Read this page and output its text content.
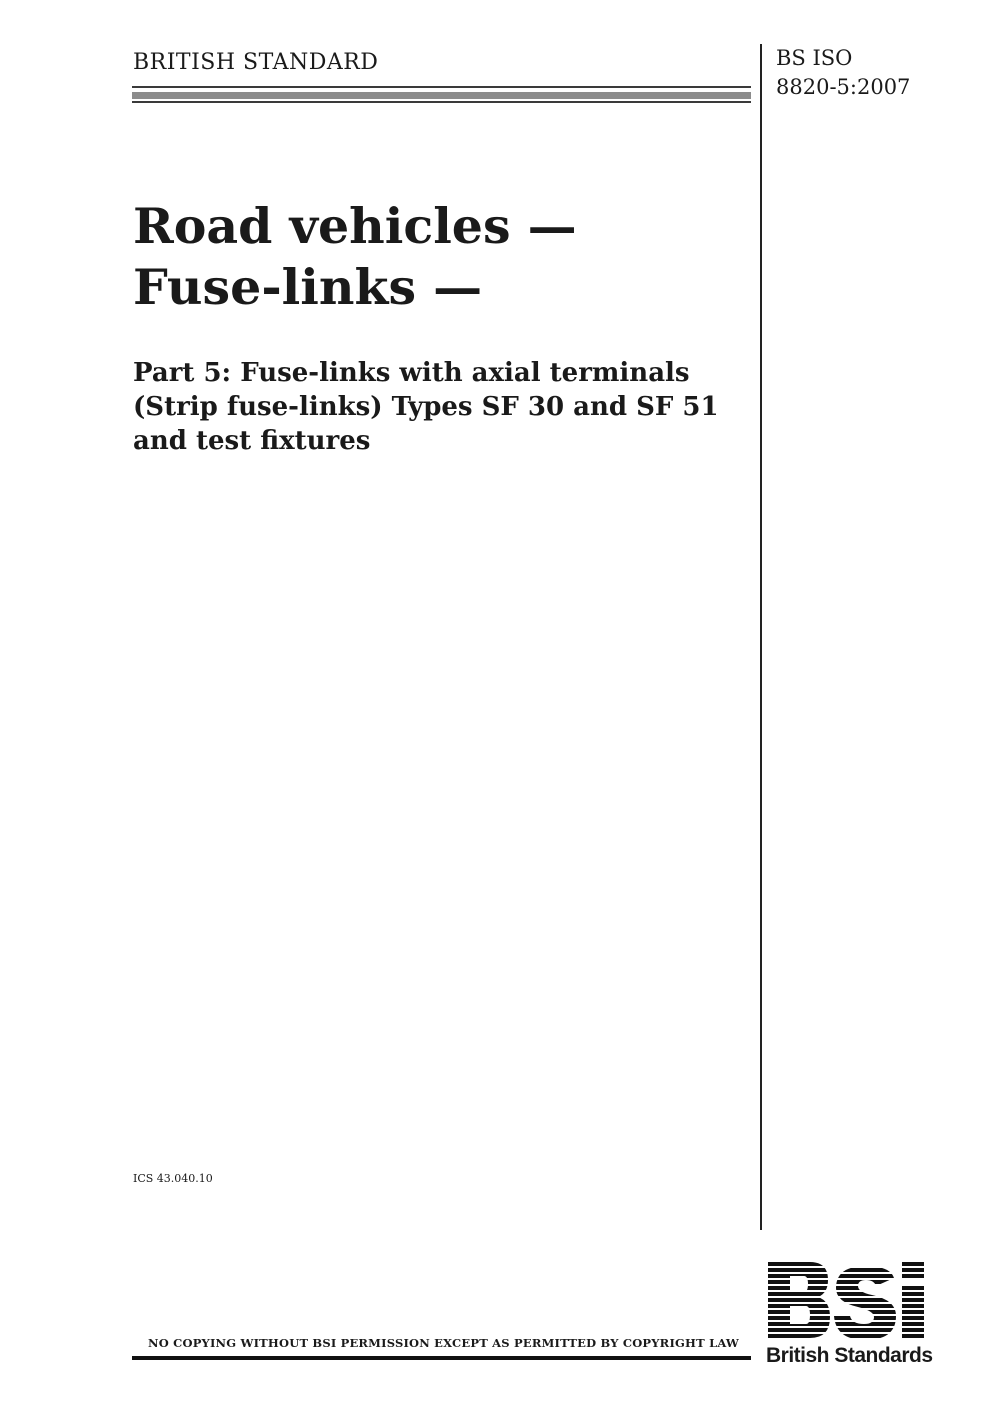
BRITISH STANDARD	BS ISO
8820-5:2007
Road vehicles —
Fuse-links —
Part 5: Fuse-links with axial terminals
(Strip fuse-links) Types SF 30 and SF 51
and test fixtures
ICS 43.040.10
NO COPYING WITHOUT BSI PERMISSION EXCEPT AS PERMITTED BY COPYRIGHT LAW
British Standards
